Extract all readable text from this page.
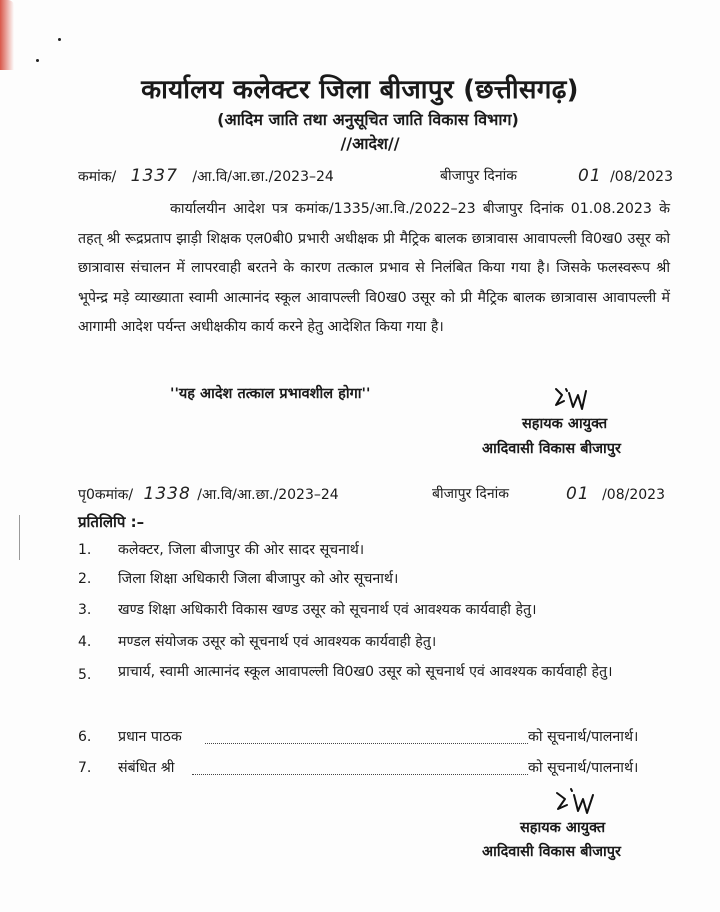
कार्यालय कलेक्टर जिला बीजापुर (छत्तीसगढ़)
(आदिम जाति तथा अनुसूचित जाति विकास विभाग)
//आदेश//
कमांक/ 1337 /आ.वि/आ.छा./2023–24	बीजापुर दिनांक	01 /08/2023
कार्यालयीन आदेश पत्र कमांक/1335/आ.वि./2022–23 बीजापुर दिनांक 01.08.2023 के तहत् श्री रूद्रप्रताप झाड़ी शिक्षक एल0बी0 प्रभारी अधीक्षक प्री मैट्रिक बालक छात्रावास आवापल्ली वि0ख0 उसूर को छात्रावास संचालन में लापरवाही बरतने के कारण तत्काल प्रभाव से निलंबित किया गया है। जिसके फलस्वरूप श्री भूपेन्द्र मड़े व्याख्याता स्वामी आत्मानंद स्कूल आवापल्ली वि0ख0 उसूर को प्री मैट्रिक बालक छात्रावास आवापल्ली में आगामी आदेश पर्यन्त अधीक्षकीय कार्य करने हेतु आदेशित किया गया है।
''यह आदेश तत्काल प्रभावशील होगा''
सहायक आयुक्त
आदिवासी विकास बीजापुर
पृ0कमांक/ 1338 /आ.वि/आ.छा./2023–24	बीजापुर दिनांक	01 /08/2023
प्रतिलिपि :–
1. कलेक्टर, जिला बीजापुर की ओर सादर सूचनार्थ।
2. जिला शिक्षा अधिकारी जिला बीजापुर को ओर सूचनार्थ।
3. खण्ड शिक्षा अधिकारी विकास खण्ड उसूर को सूचनार्थ एवं आवश्यक कार्यवाही हेतु।
4. मण्डल संयोजक उसूर को सूचनार्थ एवं आवश्यक कार्यवाही हेतु।
5. प्राचार्य, स्वामी आत्मानंद स्कूल आवापल्ली वि0ख0 उसूर को सूचनार्थ एवं आवश्यक कार्यवाही हेतु।
6. प्रधान पाठक	को सूचनार्थ/पालनार्थ।
7. संबंधित श्री	को सूचनार्थ/पालनार्थ।
सहायक आयुक्त
आदिवासी विकास बीजापुर
